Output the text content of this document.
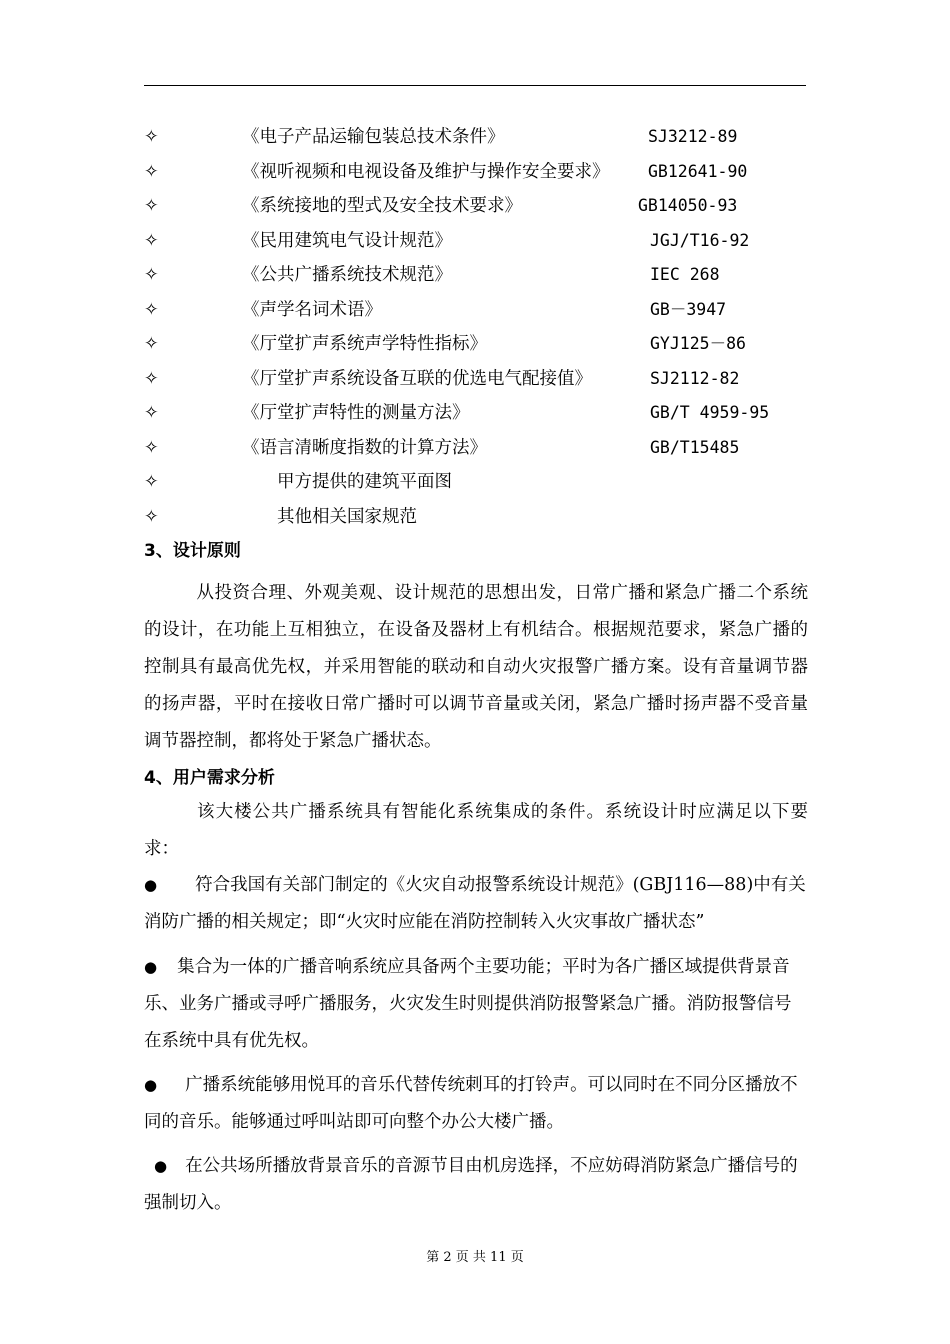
✧	《电子产品运输包装总技术条件》	SJ3212-89
✧	《视听视频和电视设备及维护与操作安全要求》 GB12641-90
✧	《系统接地的型式及安全技术要求》	GB14050-93
✧	《民用建筑电气设计规范》	JGJ/T16-92
✧	《公共广播系统技术规范》	IEC 268
✧	《声学名词术语》	GB－3947
✧	《厅堂扩声系统声学特性指标》	GYJ125－86
✧	《厅堂扩声系统设备互联的优选电气配接值》	SJ2112-82
✧	《厅堂扩声特性的测量方法》	GB/T 4959-95
✧	《语言清晰度指数的计算方法》	GB/T15485
✧	甲方提供的建筑平面图
✧	其他相关国家规范
3、设计原则
从投资合理、外观美观、设计规范的思想出发，日常广播和紧急广播二个系统的设计，在功能上互相独立，在设备及器材上有机结合。根据规范要求，紧急广播的控制具有最高优先权，并采用智能的联动和自动火灾报警广播方案。设有音量调节器的扬声器，平时在接收日常广播时可以调节音量或关闭，紧急广播时扬声器不受音量调节器控制，都将处于紧急广播状态。
4、用户需求分析
该大楼公共广播系统具有智能化系统集成的条件。系统设计时应满足以下要求：
● 符合我国有关部门制定的《火灾自动报警系统设计规范》(GBJ116—88)中有关消防广播的相关规定；即“火灾时应能在消防控制转入火灾事故广播状态”
● 集合为一体的广播音响系统应具备两个主要功能；平时为各广播区域提供背景音乐、业务广播或寻呼广播服务，火灾发生时则提供消防报警紧急广播。消防报警信号在系统中具有优先权。
● 广播系统能够用悦耳的音乐代替传统刺耳的打铃声。可以同时在不同分区播放不同的音乐。能够通过呼叫站即可向整个办公大楼广播。
● 在公共场所播放背景音乐的音源节目由机房选择，不应妨碍消防紧急广播信号的强制切入。
第 2 页 共 11 页
